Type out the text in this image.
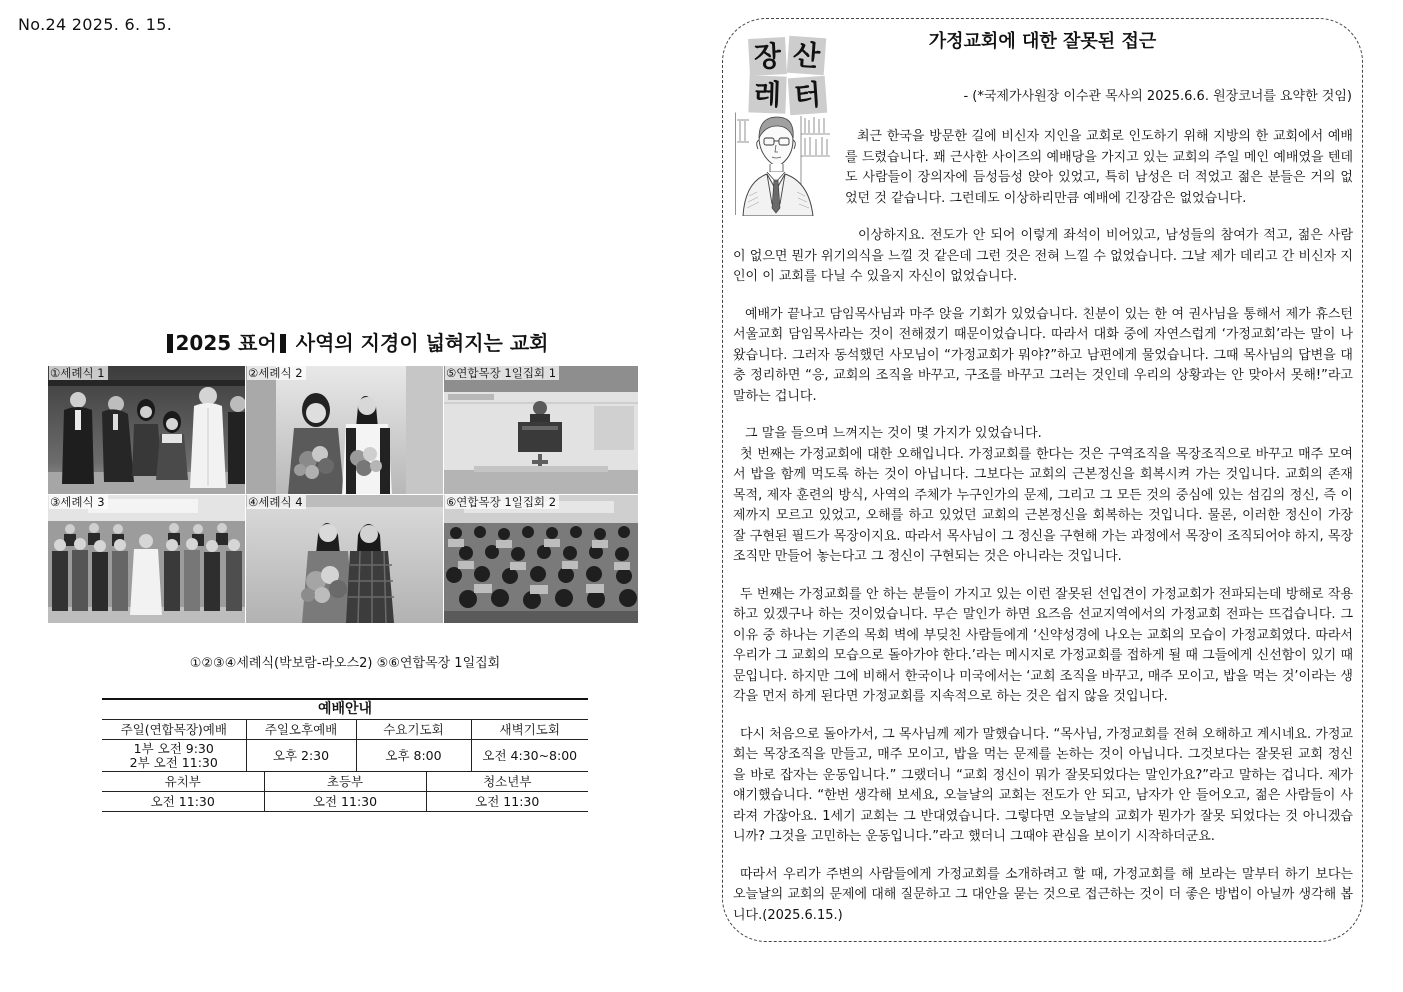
No.24 2025. 6. 15.
2025 표어 사역의 지경이 넓혀지는 교회
①세례식 1	②세례식 2	⑤연합목장 1일집회 1
③세례식 3	④세례식 4	⑥연합목장 1일집회 2
①②③④세례식(박보람-라오스2) ⑤⑥연합목장 1일집회
예배안내
주일(연합목장)예배	주일오후예배	수요기도회	새벽기도회
1부 오전 9:30
2부 오전 11:30	오후 2:30	오후 8:00	오전 4:30~8:00
유치부	초등부	청소년부
오전 11:30	오전 11:30	오전 11:30
장 산
레 터
가정교회에 대한 잘못된 접근
- (*국제가사원장 이수관 목사의 2025.6.6. 원장코너를 요약한 것임)

최근 한국을 방문한 길에 비신자 지인을 교회로 인도하기 위해 지방의 한 교회에서 예배를 드렸습니다. 꽤 근사한 사이즈의 예배당을 가지고 있는 교회의 주일 메인 예배였을 텐데도 사람들이 장의자에 듬성듬성 앉아 있었고, 특히 남성은 더 적었고 젊은 분들은 거의 없었던 것 같습니다. 그런데도 이상하리만큼 예배에 긴장감은 없었습니다.

이상하지요. 전도가 안 되어 이렇게 좌석이 비어있고, 남성들의 참여가 적고, 젊은 사람이 없으면 뭔가 위기의식을 느낄 것 같은데 그런 것은 전혀 느낄 수 없었습니다. 그날 제가 데리고 간 비신자 지인이 이 교회를 다닐 수 있을지 자신이 없었습니다.

예배가 끝나고 담임목사님과 마주 앉을 기회가 있었습니다. 친분이 있는 한 여 권사님을 통해서 제가 휴스턴서울교회 담임목사라는 것이 전해졌기 때문이었습니다. 따라서 대화 중에 자연스럽게 ‘가정교회’라는 말이 나왔습니다. 그러자 동석했던 사모님이 “가정교회가 뭐야?”하고 남편에게 물었습니다. 그때 목사님의 답변을 대충 정리하면 “응, 교회의 조직을 바꾸고, 구조를 바꾸고 그러는 것인데 우리의 상황과는 안 맞아서 못해!”라고 말하는 겁니다.

그 말을 들으며 느껴지는 것이 몇 가지가 있었습니다.

첫 번째는 가정교회에 대한 오해입니다. 가정교회를 한다는 것은 구역조직을 목장조직으로 바꾸고 매주 모여서 밥을 함께 먹도록 하는 것이 아닙니다. 그보다는 교회의 근본정신을 회복시켜 가는 것입니다. 교회의 존재 목적, 제자 훈련의 방식, 사역의 주체가 누구인가의 문제, 그리고 그 모든 것의 중심에 있는 섬김의 정신, 즉 이제까지 모르고 있었고, 오해를 하고 있었던 교회의 근본정신을 회복하는 것입니다. 물론, 이러한 정신이 가장 잘 구현된 필드가 목장이지요. 따라서 목사님이 그 정신을 구현해 가는 과정에서 목장이 조직되어야 하지, 목장조직만 만들어 놓는다고 그 정신이 구현되는 것은 아니라는 것입니다.

두 번째는 가정교회를 안 하는 분들이 가지고 있는 이런 잘못된 선입견이 가정교회가 전파되는데 방해로 작용하고 있겠구나 하는 것이었습니다. 무슨 말인가 하면 요즈음 선교지역에서의 가정교회 전파는 뜨겁습니다. 그 이유 중 하나는 기존의 목회 벽에 부딪친 사람들에게 ‘신약성경에 나오는 교회의 모습이 가정교회였다. 따라서 우리가 그 교회의 모습으로 돌아가야 한다.’라는 메시지로 가정교회를 접하게 될 때 그들에게 신선함이 있기 때문입니다. 하지만 그에 비해서 한국이나 미국에서는 ‘교회 조직을 바꾸고, 매주 모이고, 밥을 먹는 것’이라는 생각을 먼저 하게 된다면 가정교회를 지속적으로 하는 것은 쉽지 않을 것입니다.

다시 처음으로 돌아가서, 그 목사님께 제가 말했습니다. “목사님, 가정교회를 전혀 오해하고 계시네요. 가정교회는 목장조직을 만들고, 매주 모이고, 밥을 먹는 문제를 논하는 것이 아닙니다. 그것보다는 잘못된 교회 정신을 바로 잡자는 운동입니다.” 그랬더니 “교회 정신이 뭐가 잘못되었다는 말인가요?”라고 말하는 겁니다. 제가 얘기했습니다. “한번 생각해 보세요, 오늘날의 교회는 전도가 안 되고, 남자가 안 들어오고, 젊은 사람들이 사라져 가잖아요. 1세기 교회는 그 반대였습니다. 그렇다면 오늘날의 교회가 뭔가가 잘못 되었다는 것 아니겠습니까? 그것을 고민하는 운동입니다.”라고 했더니 그때야 관심을 보이기 시작하더군요.

따라서 우리가 주변의 사람들에게 가정교회를 소개하려고 할 때, 가정교회를 해 보라는 말부터 하기 보다는 오늘날의 교회의 문제에 대해 질문하고 그 대안을 묻는 것으로 접근하는 것이 더 좋은 방법이 아닐까 생각해 봅니다.(2025.6.15.)
